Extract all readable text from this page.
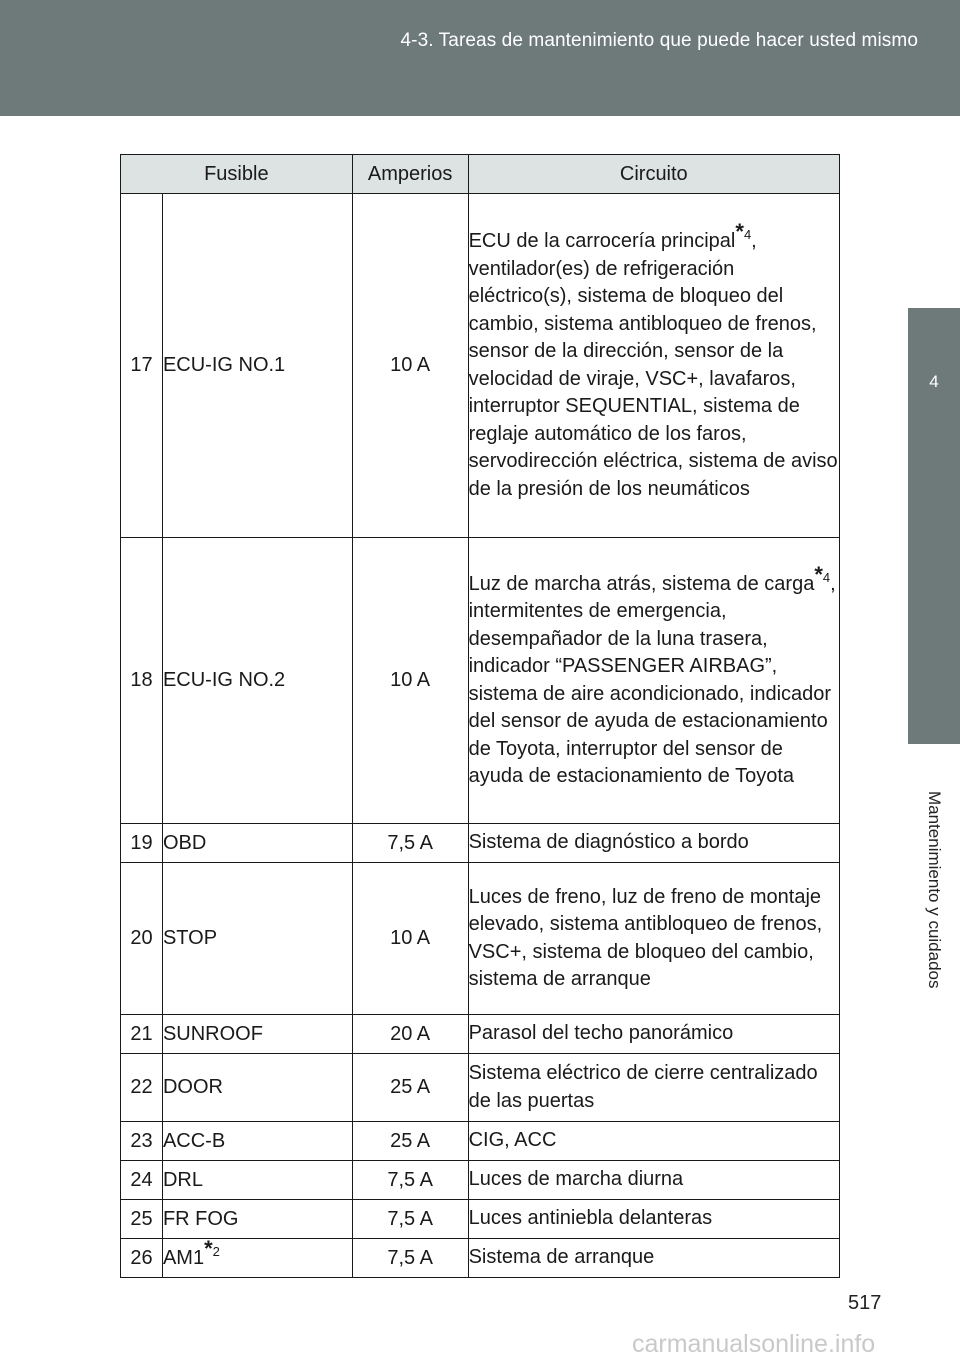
4-3. Tareas de mantenimiento que puede hacer usted mismo
4
Mantenimiento y cuidados
Fusible		Amperios	Circuito
17	ECU-IG NO.1	10 A	ECU de la carrocería principal$^{*4}$, ventilador(es) de refrigeración eléctrico(s), sistema de bloqueo del cambio, sistema antibloqueo de frenos, sensor de la dirección, sensor de la velocidad de viraje, VSC+, lavafaros, interruptor SEQUENTIAL, sistema de reglaje automático de los faros, servodirección eléctrica, sistema de aviso de la presión de los neumáticos
18	ECU-IG NO.2	10 A	Luz de marcha atrás, sistema de carga$^{*4}$, intermitentes de emergencia, desempañador de la luna trasera, indicador “PASSENGER AIRBAG”, sistema de aire acondicionado, indicador del sensor de ayuda de estacionamiento de Toyota, interruptor del sensor de ayuda de estacionamiento de Toyota
19	OBD	7,5 A	Sistema de diagnóstico a bordo
20	STOP	10 A	Luces de freno, luz de freno de montaje elevado, sistema antibloqueo de frenos, VSC+, sistema de bloqueo del cambio, sistema de arranque
21	SUNROOF	20 A	Parasol del techo panorámico
22	DOOR	25 A	Sistema eléctrico de cierre centralizado de las puertas
23	ACC-B	25 A	CIG, ACC
24	DRL	7,5 A	Luces de marcha diurna
25	FR FOG	7,5 A	Luces antiniebla delanteras
26	AM1$^{*2}$	7,5 A	Sistema de arranque
517
carmanualsonline.info
